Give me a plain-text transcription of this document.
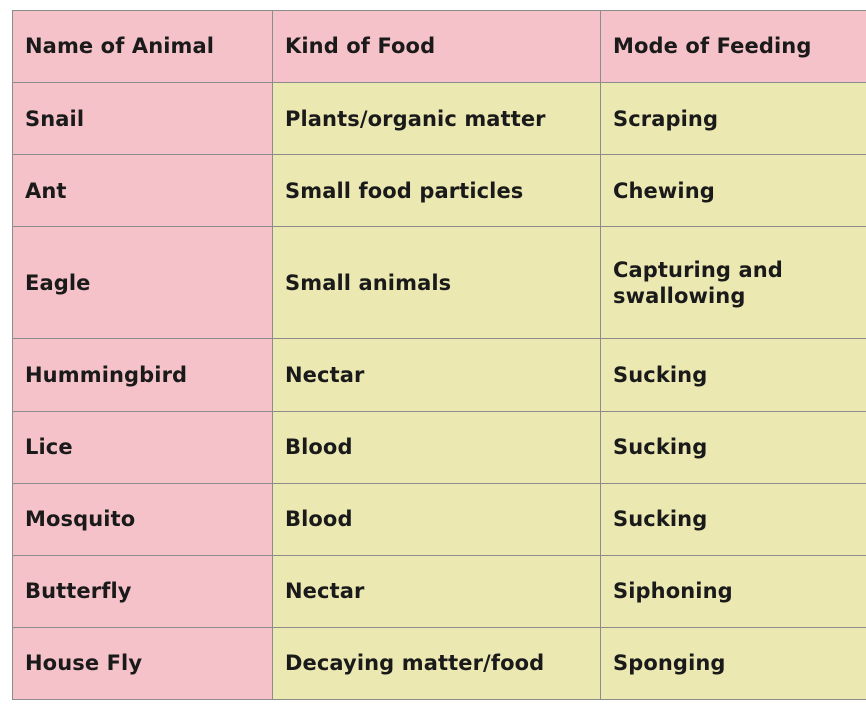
Name of Animal	Kind of Food	Mode of Feeding
Snail	Plants/organic matter	Scraping
Ant	Small food particles	Chewing
Eagle	Small animals	Capturing and swallowing
Hummingbird	Nectar	Sucking
Lice	Blood	Sucking
Mosquito	Blood	Sucking
Butterfly	Nectar	Siphoning
House Fly	Decaying matter/food	Sponging
